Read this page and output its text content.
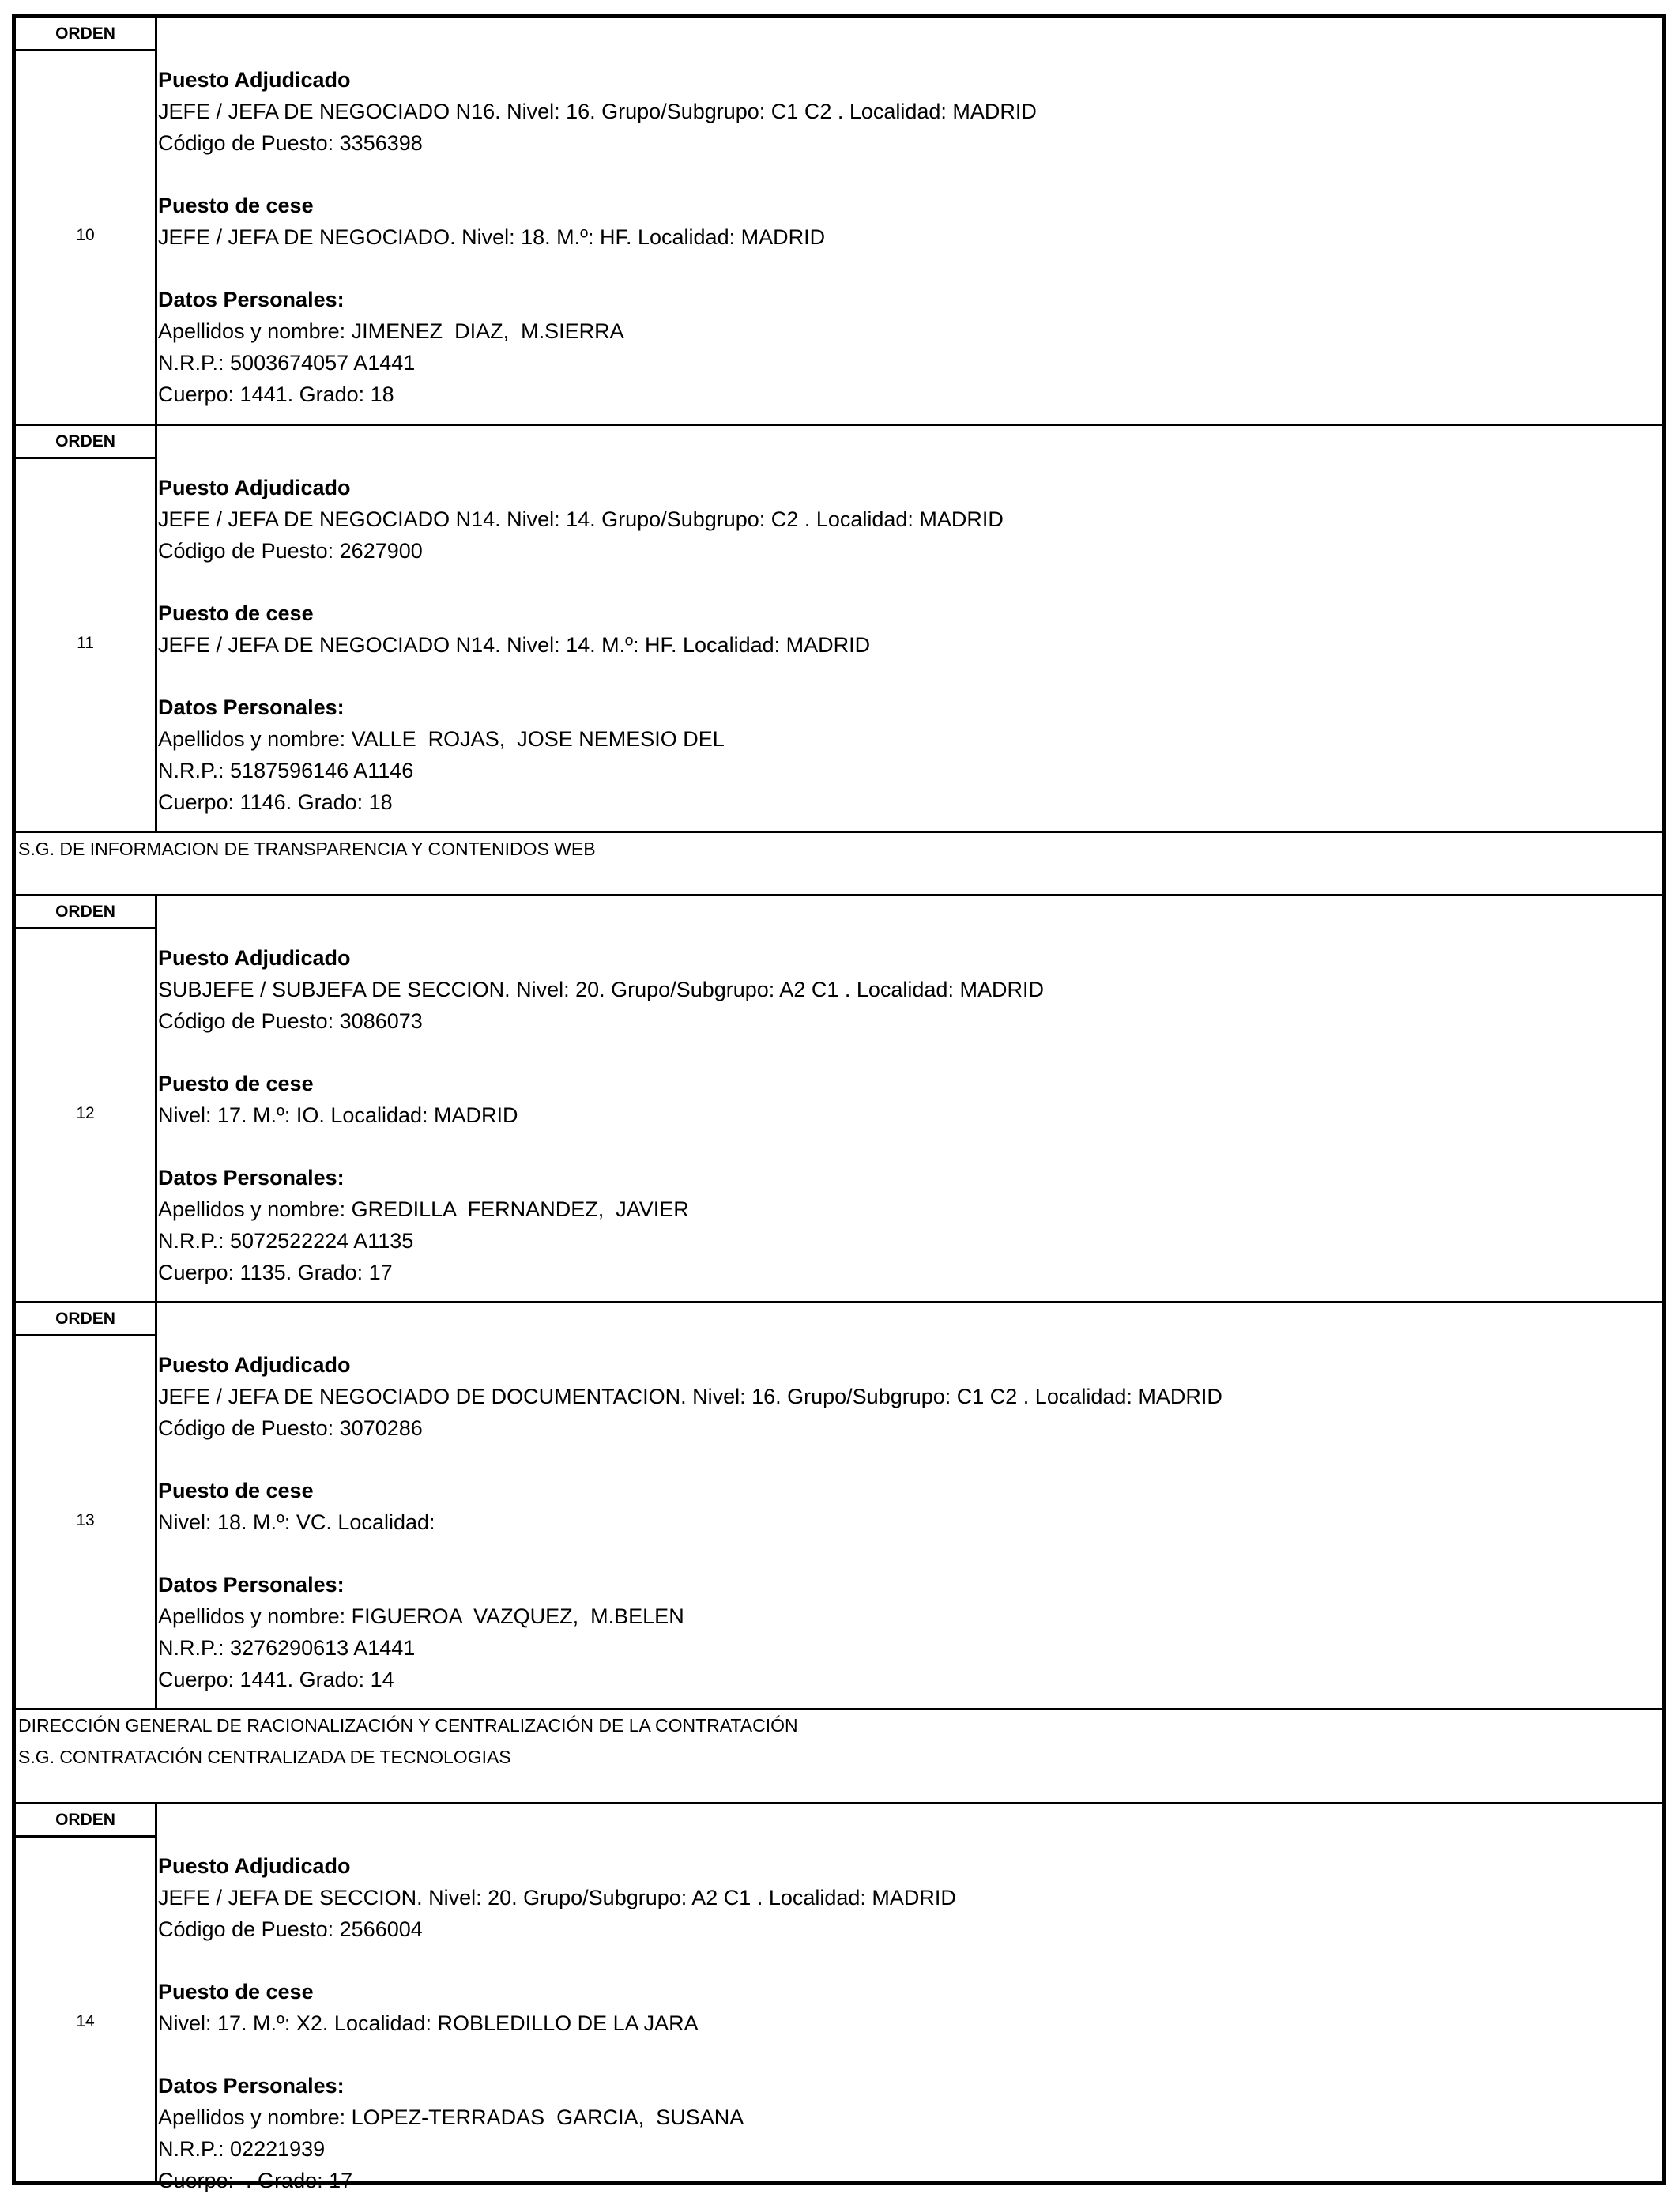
ORDEN
10
Puesto Adjudicado
JEFE / JEFA DE NEGOCIADO N16. Nivel: 16. Grupo/Subgrupo: C1 C2 . Localidad: MADRID
Código de Puesto: 3356398
Puesto de cese
JEFE / JEFA DE NEGOCIADO. Nivel: 18. M.º: HF. Localidad: MADRID
Datos Personales:
Apellidos y nombre: JIMENEZ  DIAZ,  M.SIERRA
N.R.P.: 5003674057 A1441
Cuerpo: 1441. Grado: 18
ORDEN
11
Puesto Adjudicado
JEFE / JEFA DE NEGOCIADO N14. Nivel: 14. Grupo/Subgrupo: C2 . Localidad: MADRID
Código de Puesto: 2627900
Puesto de cese
JEFE / JEFA DE NEGOCIADO N14. Nivel: 14. M.º: HF. Localidad: MADRID
Datos Personales:
Apellidos y nombre: VALLE  ROJAS,  JOSE NEMESIO DEL
N.R.P.: 5187596146 A1146
Cuerpo: 1146. Grado: 18
S.G. DE INFORMACION DE TRANSPARENCIA Y CONTENIDOS WEB
ORDEN
12
Puesto Adjudicado
SUBJEFE / SUBJEFA DE SECCION. Nivel: 20. Grupo/Subgrupo: A2 C1 . Localidad: MADRID
Código de Puesto: 3086073
Puesto de cese
Nivel: 17. M.º: IO. Localidad: MADRID
Datos Personales:
Apellidos y nombre: GREDILLA  FERNANDEZ,  JAVIER
N.R.P.: 5072522224 A1135
Cuerpo: 1135. Grado: 17
ORDEN
13
Puesto Adjudicado
JEFE / JEFA DE NEGOCIADO DE DOCUMENTACION. Nivel: 16. Grupo/Subgrupo: C1 C2 . Localidad: MADRID
Código de Puesto: 3070286
Puesto de cese
Nivel: 18. M.º: VC. Localidad:
Datos Personales:
Apellidos y nombre: FIGUEROA  VAZQUEZ,  M.BELEN
N.R.P.: 3276290613 A1441
Cuerpo: 1441. Grado: 14
DIRECCIÓN GENERAL DE RACIONALIZACIÓN Y CENTRALIZACIÓN DE LA CONTRATACIÓN
S.G. CONTRATACIÓN CENTRALIZADA DE TECNOLOGIAS
ORDEN
14
Puesto Adjudicado
JEFE / JEFA DE SECCION. Nivel: 20. Grupo/Subgrupo: A2 C1 . Localidad: MADRID
Código de Puesto: 2566004
Puesto de cese
Nivel: 17. M.º: X2. Localidad: ROBLEDILLO DE LA JARA
Datos Personales:
Apellidos y nombre: LOPEZ-TERRADAS  GARCIA,  SUSANA
N.R.P.: 02221939
Cuerpo:  . Grado: 17
